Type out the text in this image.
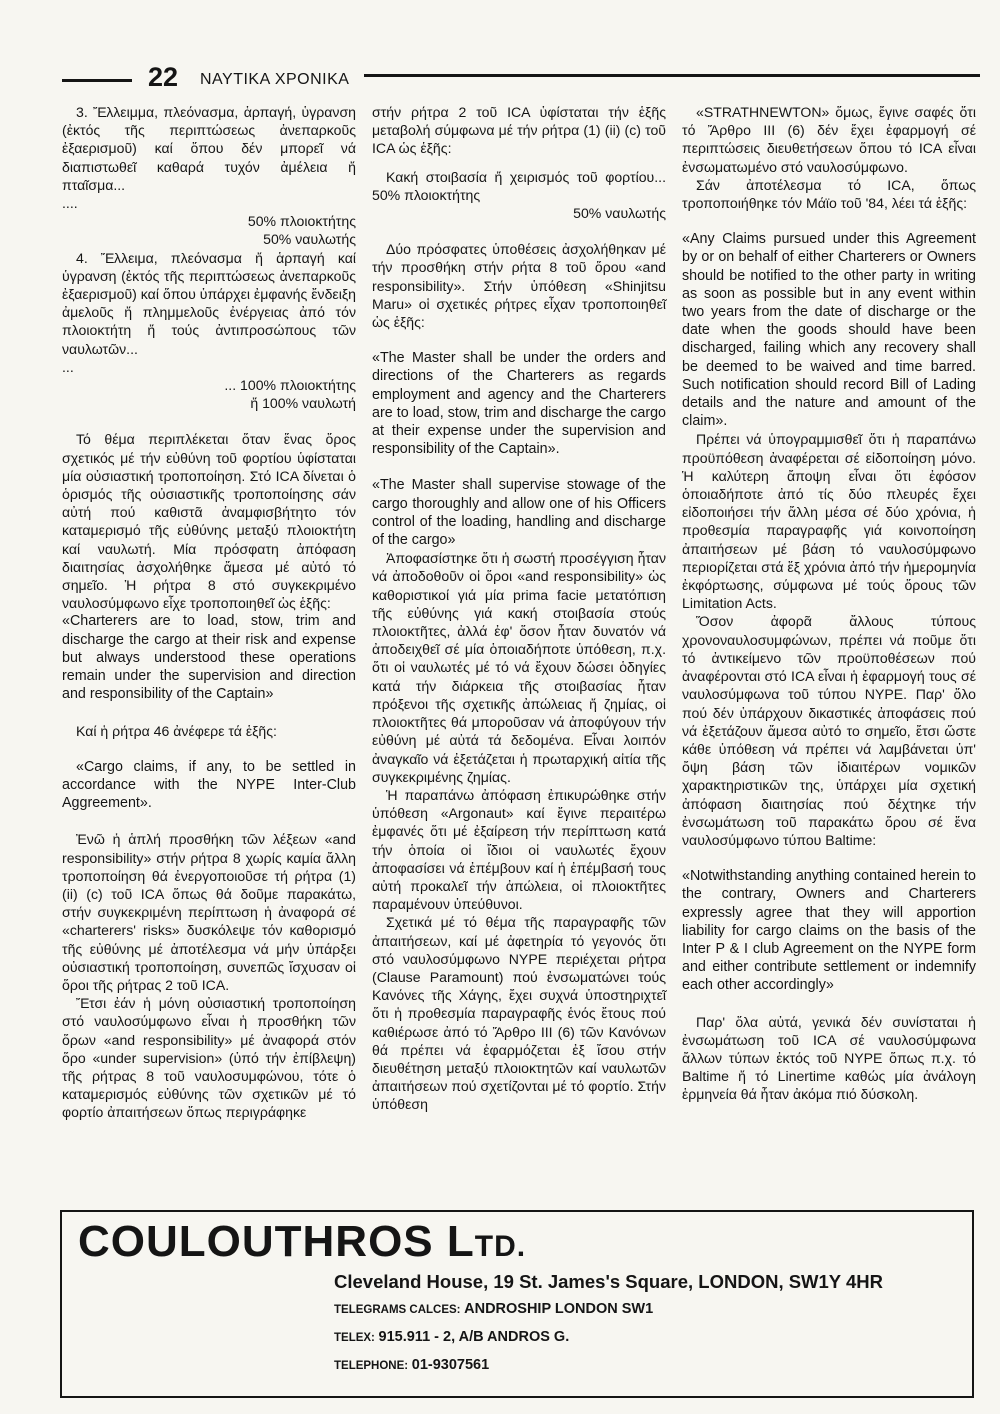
22 ΝΑΥΤΙΚΑ ΧΡΟΝΙΚΑ

3. Ἔλλειμμα, πλεόνασμα, ἁρπαγή, ὑγρανση (ἐκτός τῆς περιπτώσεως ἀνεπαρκοῦς ἐξαερισμοῦ) καί ὅπου δέν μπορεῖ νά διαπιστωθεῖ καθαρά τυχόν ἀμέλεια ἤ πταῖσμα...

....

50% πλοιοκτήτης

50% ναυλωτής

4. Ἔλλειμα, πλεόνασμα ἤ ἁρπαγή καί ὑγρανση (ἐκτός τῆς περιπτώσεως ἀνεπαρκοῦς ἐξαερισμοῦ) καί ὅπου ὑπάρχει ἐμφανής ἔνδειξη ἀμελοῦς ἤ πλημμελοῦς ἐνέργειας ἀπό τόν πλοιοκτήτη ἤ τούς ἀντιπροσώπους τῶν ναυλωτῶν...

...

... 100% πλοιοκτήτης

ἤ 100% ναυλωτή

Τό θέμα περιπλέκεται ὅταν ἕνας ὅρος σχετικός μέ τήν εὐθύνη τοῦ φορτίου ὑφίσταται μία οὐσιαστική τροποποίηση. Στό ICA δίνεται ὁ ὁρισμός τῆς οὐσιαστικῆς τροποποίησης σάν αὐτή πού καθιστᾶ ἀναμφισβήτητο τόν καταμερισμό τῆς εὐθύνης μεταξύ πλοιοκτήτη καί ναυλωτή. Μία πρόσφατη ἀπόφαση διαιτησίας ἀσχολήθηκε ἄμεσα μέ αὐτό τό σημεῖο. Ἡ ρήτρα 8 στό συγκεκριμένο ναυλοσύμφωνο εἶχε τροποποιηθεῖ ὡς ἑξῆς:

«Charterers are to load, stow, trim and discharge the cargo at their risk and expense but always understood these operations remain under the supervision and direction and responsibility of the Captain»

Καί ἡ ρήτρα 46 ἀνέφερε τά ἑξῆς:

«Cargo claims, if any, to be settled in accordance with the NYPE Inter-Club Aggreement».

Ἐνῶ ἡ ἁπλή προσθήκη τῶν λέξεων «and responsibility» στήν ρήτρα 8 χωρίς καμία ἄλλη τροποποίηση θά ἐνεργοποιοῦσε τή ρήτρα (1) (ii) (c) τοῦ ICA ὅπως θά δοῦμε παρακάτω, στήν συγκεκριμένη περίπτωση ἡ ἀναφορά σέ «charterers' risks» δυσκόλεψε τόν καθορισμό τῆς εὐθύνης μέ ἀποτέλεσμα νά μήν ὑπάρξει οὐσιαστική τροποποίηση, συνεπῶς ἴσχυσαν οἱ ὅροι τῆς ρήτρας 2 τοῦ ICA.

Ἔτσι ἐάν ἡ μόνη οὐσιαστική τροποποίηση στό ναυλοσύμφωνο εἶναι ἡ προσθήκη τῶν ὅρων «and responsibility» μέ ἀναφορά στόν ὅρο «under supervision» (ὑπό τήν ἐπίβλεψη) τῆς ρήτρας 8 τοῦ ναυλοσυμφώνου, τότε ὁ καταμερισμός εὐθύνης τῶν σχετικῶν μέ τό φορτίο ἀπαιτήσεων ὅπως περιγράφηκε

στήν ρήτρα 2 τοῦ ICA ὑφίσταται τήν ἑξῆς μεταβολή σύμφωνα μέ τήν ρήτρα (1) (ii) (c) τοῦ ICA ὡς ἑξῆς:

Κακή στοιβασία ἤ χειρισμός τοῦ φορτίου... 50% πλοιοκτήτης

50% ναυλωτής

Δύο πρόσφατες ὑποθέσεις ἀσχολήθηκαν μέ τήν προσθήκη στήν ρήτα 8 τοῦ ὅρου «and responsibility». Στήν ὑπόθεση «Shinjitsu Maru» οἱ σχετικές ρήτρες εἶχαν τροποποιηθεῖ ὡς ἑξῆς:

«The Master shall be under the orders and directions of the Charterers as regards employment and agency and the Charterers are to load, stow, trim and discharge the cargo at their expense under the supervision and responsibility of the Captain».

«The Master shall supervise stowage of the cargo thoroughly and allow one of his Officers control of the loading, handling and discharge of the cargo»

Ἀποφασίστηκε ὅτι ἡ σωστή προσέγγιση ἦταν νά ἀποδοθοῦν οἱ ὅροι «and responsibility» ὡς καθοριστικοί γιά μία prima facie μετατόπιση τῆς εὐθύνης γιά κακή στοιβασία στούς πλοιοκτῆτες, ἀλλά ἐφ' ὅσον ἦταν δυνατόν νά ἀποδειχθεῖ σέ μία ὁποιαδήποτε ὑπόθεση, π.χ. ὅτι οἱ ναυλωτές μέ τό νά ἔχουν δώσει ὁδηγίες κατά τήν διάρκεια τῆς στοιβασίας ἦταν πρόξενοι τῆς σχετικῆς ἀπώλειας ἤ ζημίας, οἱ πλοιοκτῆτες θά μποροῦσαν νά ἀποφύγουν τήν εὐθύνη μέ αὐτά τά δεδομένα. Εἶναι λοιπόν ἀναγκαῖο νά ἐξετάζεται ἡ πρωταρχική αἰτία τῆς συγκεκριμένης ζημίας.

Ἡ παραπάνω ἀπόφαση ἐπικυρώθηκε στήν ὑπόθεση «Argonaut» καί ἔγινε περαιτέρω ἐμφανές ὅτι μέ ἐξαίρεση τήν περίπτωση κατά τήν ὁποία οἱ ἴδιοι οἱ ναυλωτές ἔχουν ἀποφασίσει νά ἐπέμβουν καί ἡ ἐπέμβασή τους αὐτή προκαλεῖ τήν ἀπώλεια, οἱ πλοιοκτῆτες παραμένουν ὑπεύθυνοι.

Σχετικά μέ τό θέμα τῆς παραγραφῆς τῶν ἀπαιτήσεων, καί μέ ἀφετηρία τό γεγονός ὅτι στό ναυλοσύμφωνο NYPE περιέχεται ρήτρα (Clause Paramount) πού ἐνσωματώνει τούς Κανόνες τῆς Χάγης, ἔχει συχνά ὑποστηριχτεῖ ὅτι ἡ προθεσμία παραγραφῆς ἑνός ἔτους πού καθιέρωσε ἀπό τό Ἄρθρο III (6) τῶν Κανόνων θά πρέπει νά ἐφαρμόζεται ἐξ ἴσου στήν διευθέτηση μεταξύ πλοιοκτητῶν καί ναυλωτῶν ἀπαιτήσεων πού σχετίζονται μέ τό φορτίο. Στήν ὑπόθεση

«STRATHNEWTON» ὅμως, ἔγινε σαφές ὅτι τό Ἄρθρο III (6) δέν ἔχει ἐφαρμογή σέ περιπτώσεις διευθετήσεων ὅπου τό ICA εἶναι ἐνσωματωμένο στό ναυλοσύμφωνο.

Σάν ἀποτέλεσμα τό ICA, ὅπως τροποποιήθηκε τόν Μάϊο τοῦ '84, λέει τά ἑξῆς:

«Any Claims pursued under this Agreement by or on behalf of either Charterers or Owners should be notified to the other party in writing as soon as possible but in any event within two years from the date of discharge or the date when the goods should have been discharged, failing which any recovery shall be deemed to be waived and time barred. Such notification should record Bill of Lading details and the nature and amount of the claim».

Πρέπει νά ὑπογραμμισθεῖ ὅτι ἡ παραπάνω προϋπόθεση ἀναφέρεται σέ εἰδοποίηση μόνο. Ἡ καλύτερη ἄποψη εἶναι ὅτι ἐφόσον ὁποιαδήποτε ἀπό τίς δύο πλευρές ἔχει εἰδοποιήσει τήν ἄλλη μέσα σέ δύο χρόνια, ἡ προθεσμία παραγραφῆς γιά κοινοποίηση ἀπαιτήσεων μέ βάση τό ναυλοσύμφωνο περιορίζεται στά ἕξ χρόνια ἀπό τήν ἡμερομηνία ἐκφόρτωσης, σύμφωνα μέ τούς ὅρους τῶν Limitation Acts.

Ὅσον ἀφορᾶ ἄλλους τύπους χρονοναυλοσυμφώνων, πρέπει νά ποῦμε ὅτι τό ἀντικείμενο τῶν προϋποθέσεων πού ἀναφέρονται στό ICA εἶναι ἡ ἐφαρμογή τους σέ ναυλοσύμφωνα τοῦ τύπου NYPE. Παρ' ὅλο πού δέν ὑπάρχουν δικαστικές ἀποφάσεις πού νά ἐξετάζουν ἄμεσα αὐτό το σημεῖο, ἔτσι ὥστε κάθε ὑπόθεση νά πρέπει νά λαμβάνεται ὑπ' ὄψη βάση τῶν ἰδιαιτέρων νομικῶν χαρακτηριστικῶν της, ὑπάρχει μία σχετική ἀπόφαση διαιτησίας πού δέχτηκε τήν ἐνσωμάτωση τοῦ παρακάτω ὅρου σέ ἕνα ναυλοσύμφωνο τύπου Baltime:

«Notwithstanding anything contained herein to the contrary, Owners and Charterers expressly agree that they will apportion liability for cargo claims on the basis of the Inter P & I club Agreement on the NYPE form and either contribute settlement or indemnify each other accordingly»

Παρ' ὅλα αὐτά, γενικά δέν συνίσταται ἡ ἐνσωμάτωση τοῦ ICA σέ ναυλοσύμφωνα ἄλλων τύπων ἐκτός τοῦ NYPE ὅπως π.χ. τό Baltime ἤ τό Linertime καθώς μία ἀνάλογη ἑρμηνεία θά ἦταν ἀκόμα πιό δύσκολη.

COULOUTHROS LTD.
Cleveland House, 19 St. James's Square, LONDON, SW1Y 4HR
TELEGRAMS CALCES: ANDROSHIP LONDON SW1
TELEX: 915.911 - 2, A/B ANDROS G.
TELEPHONE: 01-9307561
